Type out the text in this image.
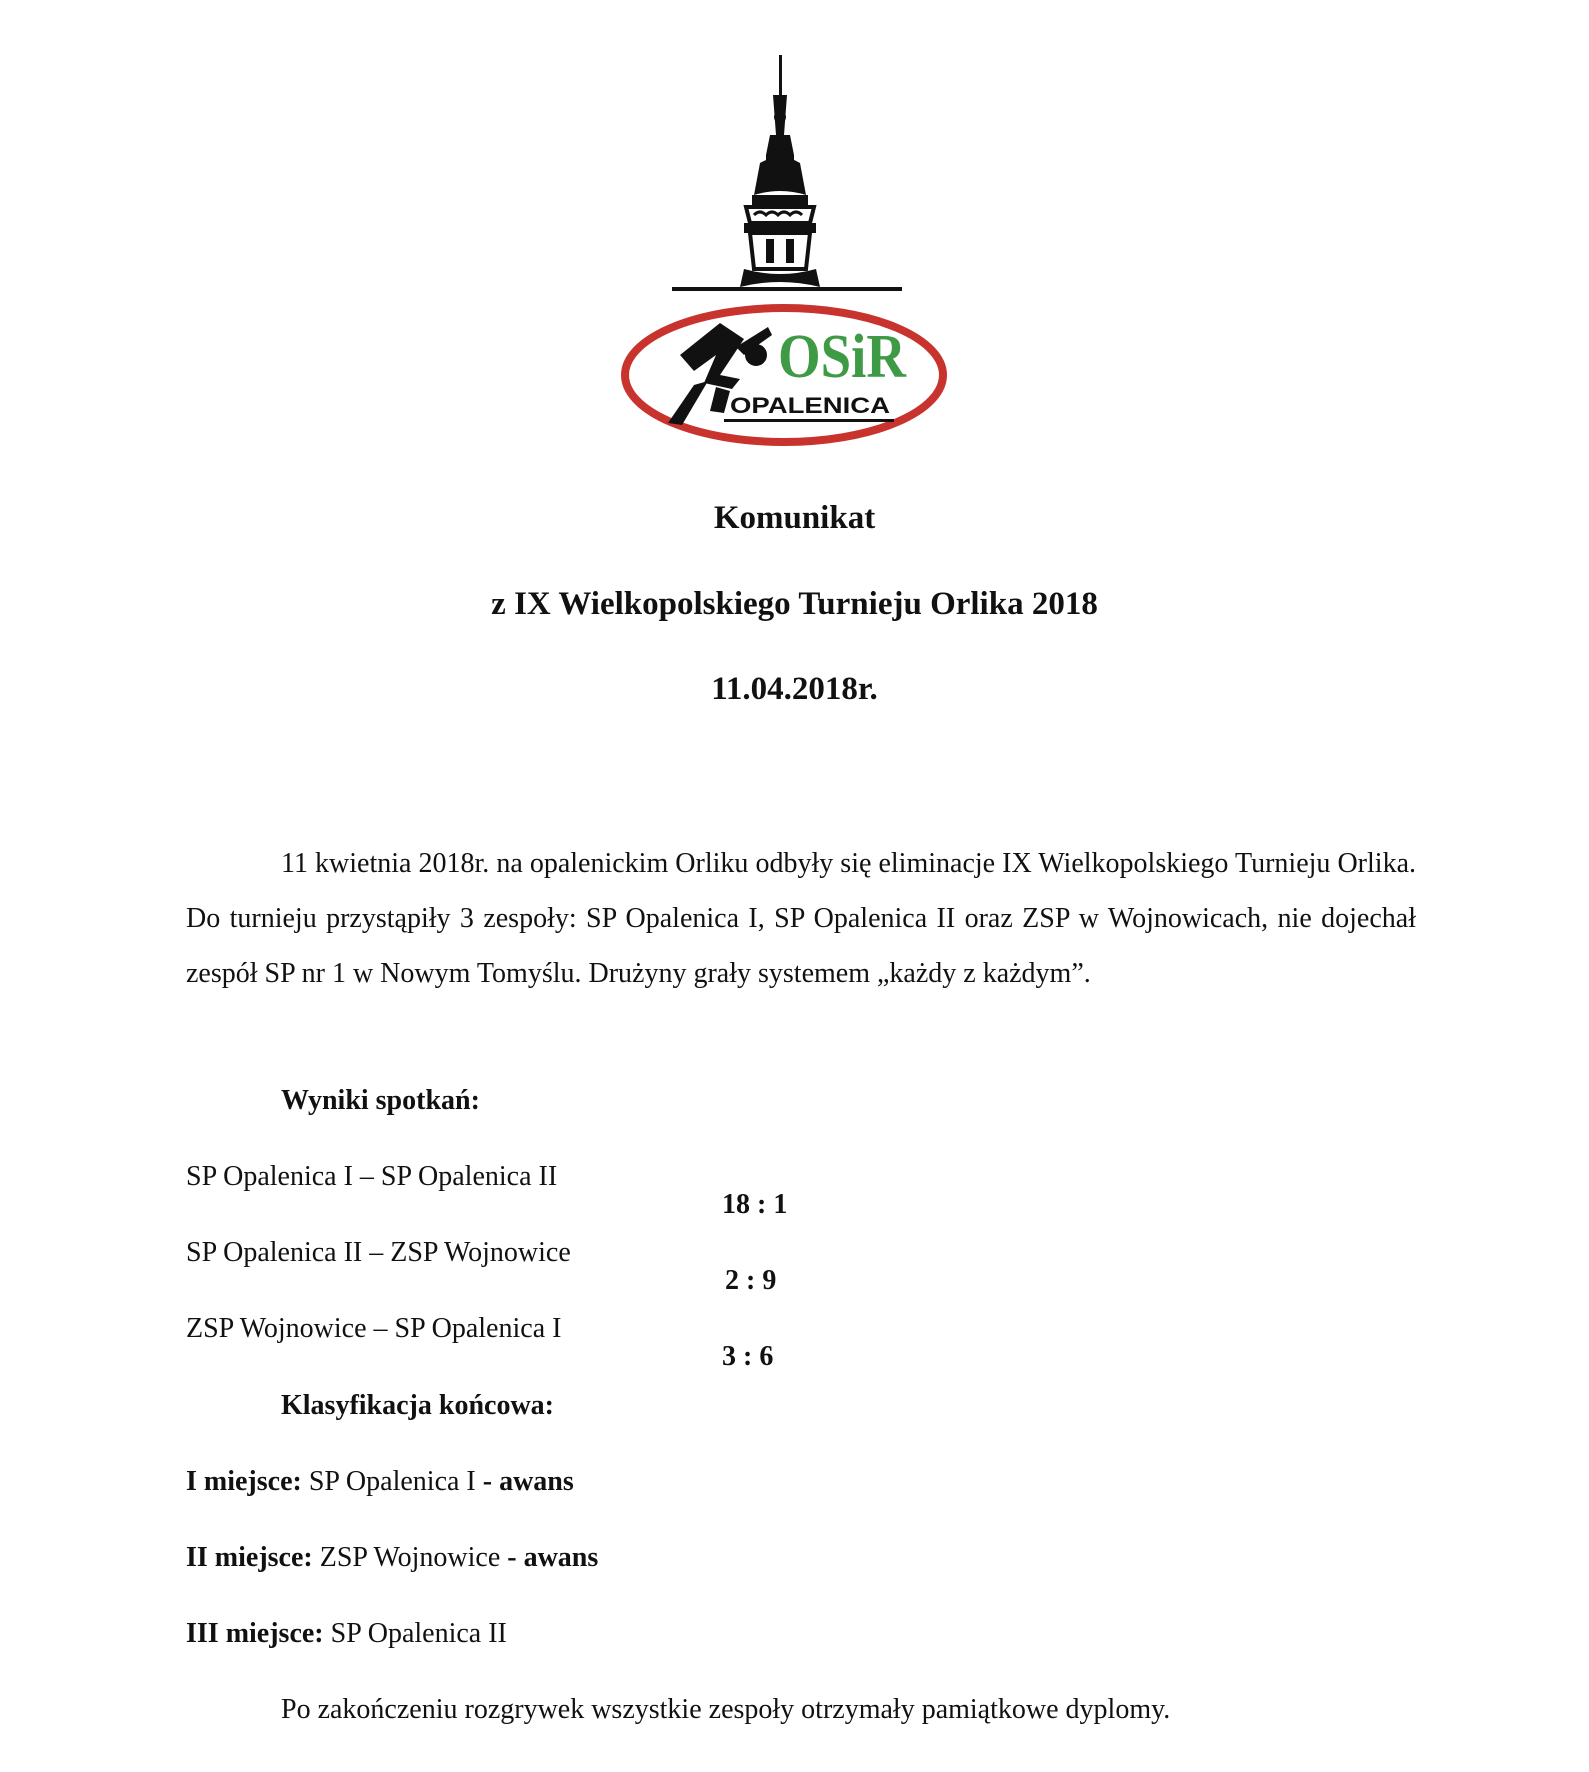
OSiR
OPALENICA
Komunikat
z IX Wielkopolskiego Turnieju Orlika 2018
11.04.2018r.

11 kwietnia 2018r. na opalenickim Orliku odbyły się eliminacje IX Wielkopolskiego Turnieju Orlika. Do turnieju przystąpiły 3 zespoły: SP Opalenica I, SP Opalenica II oraz ZSP w Wojnowicach, nie dojechał zespół SP nr 1 w Nowym Tomyślu. Drużyny grały systemem „każdy z każdym”.

Wyniki spotkań:

SP Opalenica I – SP Opalenica II

18 : 1

SP Opalenica II – ZSP Wojnowice

2 : 9

ZSP Wojnowice – SP Opalenica I

3 : 6

Klasyfikacja końcowa:

I miejsce: SP Opalenica I - awans

II miejsce: ZSP Wojnowice - awans

III miejsce: SP Opalenica II

Po zakończeniu rozgrywek wszystkie zespoły otrzymały pamiątkowe dyplomy.
